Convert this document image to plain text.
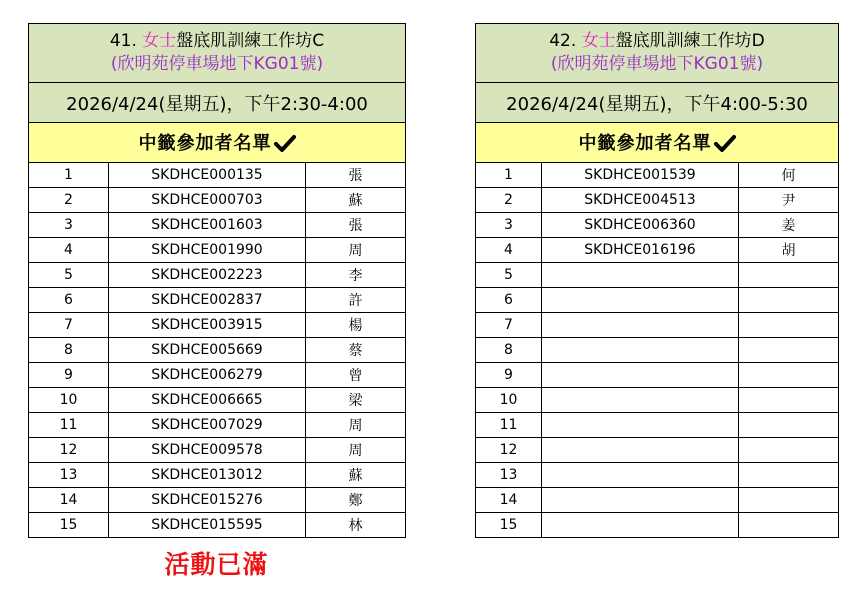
41. 女士盤底肌訓練工作坊C
(欣明苑停車場地下KG01號)		

2026/4/24(星期五)，下午2:30-4:00		
中籤參加者名單		
1	SKDHCE000135	張
2	SKDHCE000703	蘇
3	SKDHCE001603	張
4	SKDHCE001990	周
5	SKDHCE002223	李
6	SKDHCE002837	許
7	SKDHCE003915	楊
8	SKDHCE005669	蔡
9	SKDHCE006279	曾
10	SKDHCE006665	梁
11	SKDHCE007029	周
12	SKDHCE009578	周
13	SKDHCE013012	蘇
14	SKDHCE015276	鄭
15	SKDHCE015595	林
42. 女士盤底肌訓練工作坊D
(欣明苑停車場地下KG01號)		

2026/4/24(星期五)，下午4:00-5:30		
中籤參加者名單		
1	SKDHCE001539	何
2	SKDHCE004513	尹
3	SKDHCE006360	姜
4	SKDHCE016196	胡
5		
6		
7		
8		
9		
10		
11		
12		
13		
14		
15		
活動已滿
